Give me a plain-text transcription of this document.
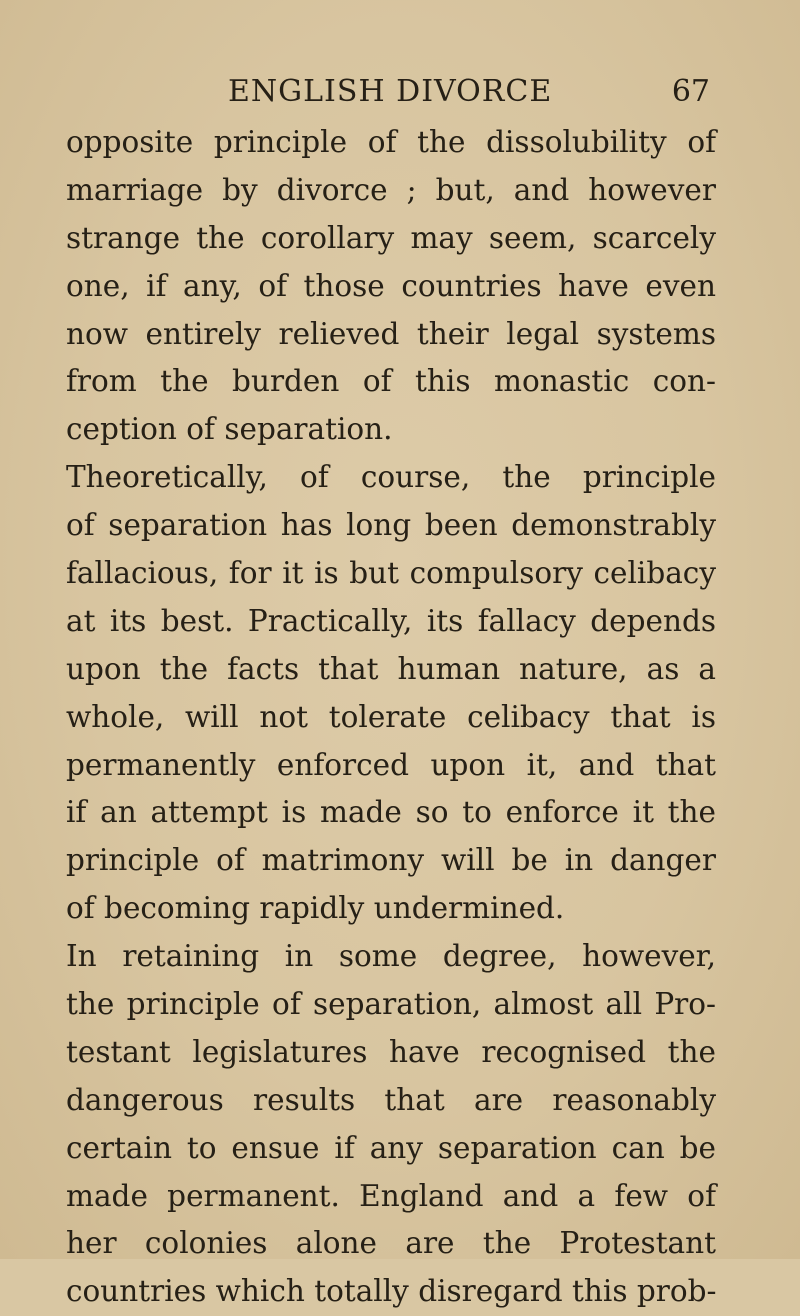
ENGLISH DIVORCE	67
opposite principle of the dissolubility of
marriage by divorce ; but, and however
strange the corollary may seem, scarcely
one, if any, of those countries have even
now entirely relieved their legal systems
from the burden of this monastic con-
ception of separation.
Theoretically, of course, the principle
of separation has long been demonstrably
fallacious, for it is but compulsory celibacy
at its best. Practically, its fallacy depends
upon the facts that human nature, as a
whole, will not tolerate celibacy that is
permanently enforced upon it, and that
if an attempt is made so to enforce it the
principle of matrimony will be in danger
of becoming rapidly undermined.
In retaining in some degree, however,
the principle of separation, almost all Pro-
testant legislatures have recognised the
dangerous results that are reasonably
certain to ensue if any separation can be
made permanent. England and a few of
her colonies alone are the Protestant
countries which totally disregard this prob-
